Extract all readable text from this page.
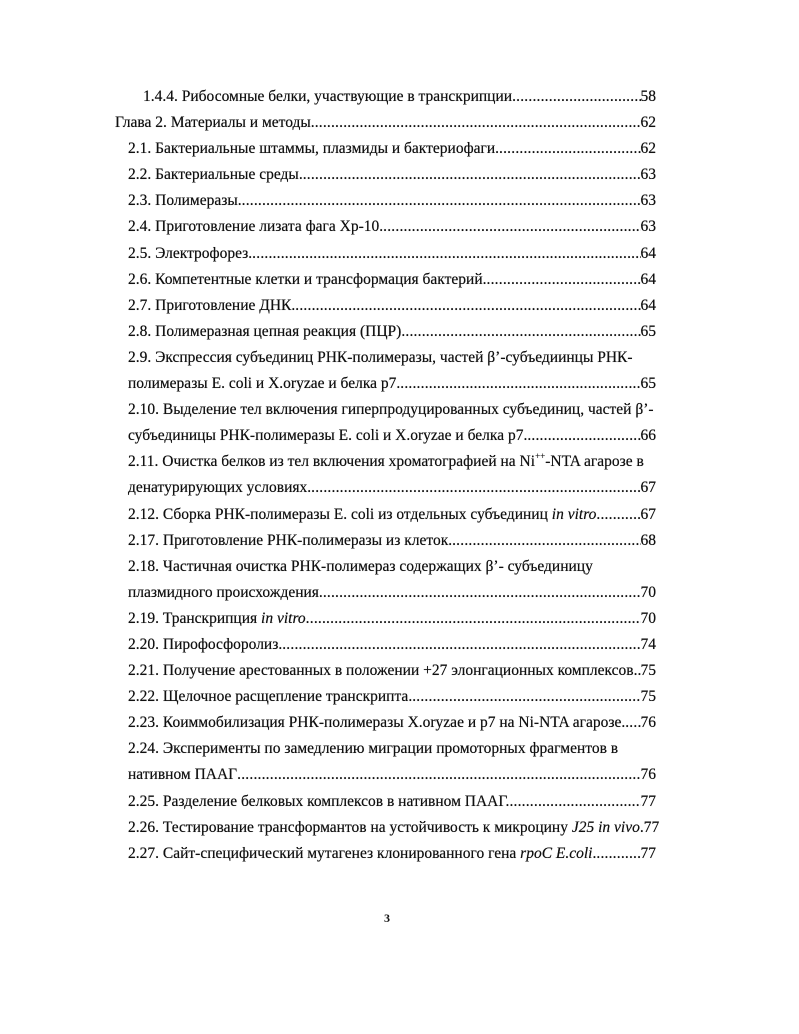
1.4.4. Рибосомные белки, участвующие в транскрипции .....	58
Глава 2. Материалы и методы. .....	62
2.1. Бактериальные штаммы, плазмиды и бактериофаги. .....	62
2.2. Бактериальные среды. .....	63
2.3. Полимеразы. .....	63
2.4. Приготовление лизата фага Хр-10. .....	63
2.5. Электрофорез. .....	64
2.6. Компетентные клетки и трансформация бактерий. .....	64
2.7. Приготовление ДНК. .....	64
2.8. Полимеразная цепная реакция (ПЦР) .....	65
2.9. Экспрессия субъединиц РНК-полимеразы, частей β’-субъедиинцы РНК-
полимеразы E. coli и X.oryzae и белка p7. .....	65
2.10. Выделение тел включения гиперпродуцированных субъединиц, частей β’-
субъединицы РНК-полимеразы E. coli и X.oryzae и белка p7. .....	66
2.11. Очистка белков из тел включения хроматографией на Ni++-NTA агарозе в
денатурирующих условиях. .....	67
2.12. Сборка РНК-полимеразы E. coli из отдельных субъединиц in vitro .....	67
2.17. Приготовление РНК-полимеразы из клеток. .....	68
2.18. Частичная очистка РНК-полимераз содержащих β’- субъединицу
плазмидного происхождения. .....	70
2.19. Транскрипция in vitro .....	70
2.20. Пирофосфоролиз. .....	74
2.21. Получение арестованных в положении +27 элонгационных комплексов. ..... 75
2.22. Щелочное расщепление транскрипта. .....	75
2.23. Коиммобилизация РНК-полимеразы X.oryzae и p7 на Ni-NTA агарозе. ..... 76
2.24. Эксперименты по замедлению миграции промоторных фрагментов в
нативном ПААГ .....	76
2.25. Разделение белковых комплексов в нативном ПААГ. .....	77
2.26. Тестирование трансформантов на устойчивость к микроцину J25 in vivo. 77
2.27. Сайт-специфический мутагенез клонированного гена rpoC E.coli. .....	77
3
